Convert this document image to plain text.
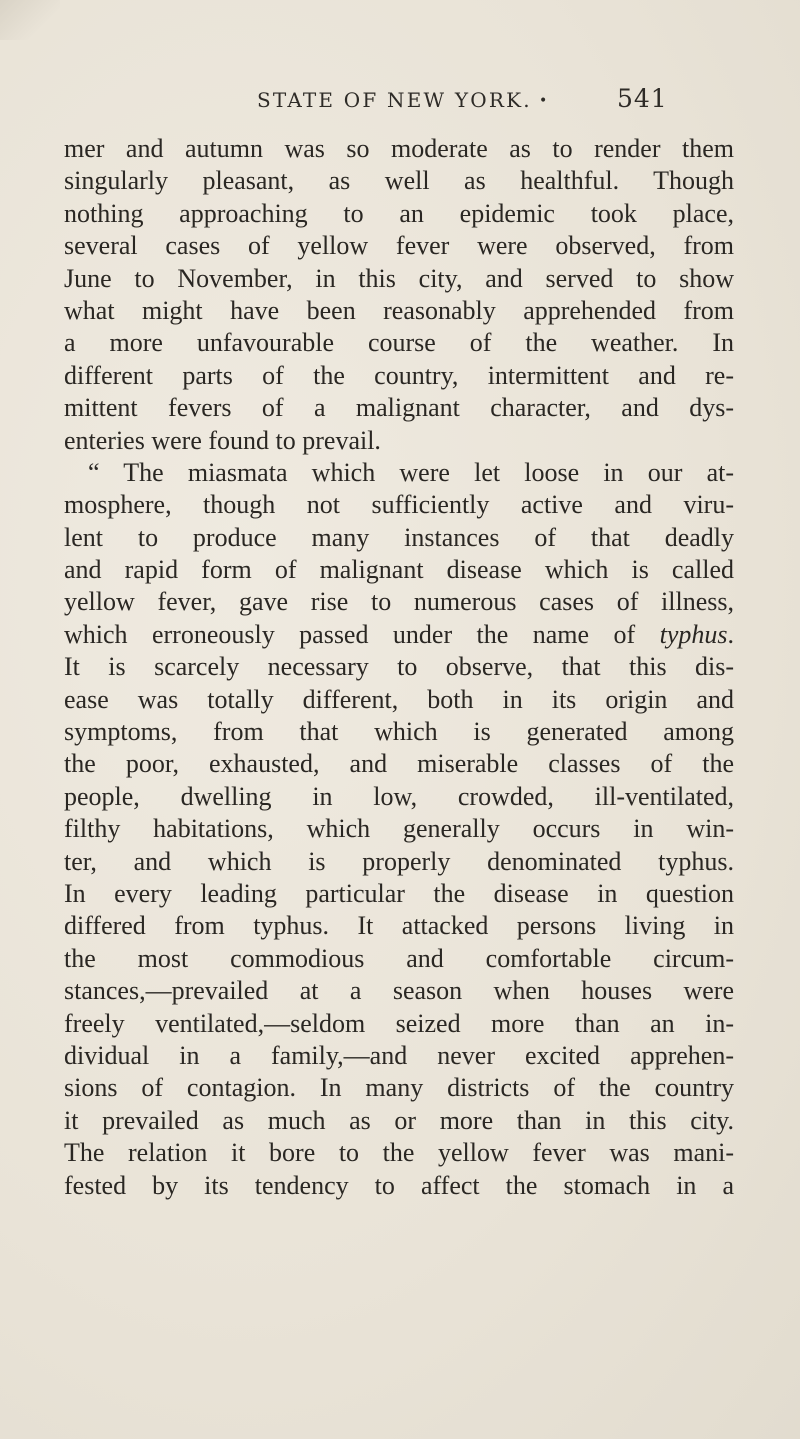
STATE OF NEW YORK. •	541
mer and autumn was so moderate as to render them
singularly pleasant, as well as healthful. Though
nothing approaching to an epidemic took place,
several cases of yellow fever were observed, from
June to November, in this city, and served to show
what might have been reasonably apprehended from
a more unfavourable course of the weather. In
different parts of the country, intermittent and re-
mittent fevers of a malignant character, and dys-
enteries were found to prevail.
“ The miasmata which were let loose in our at-
mosphere, though not sufficiently active and viru-
lent to produce many instances of that deadly
and rapid form of malignant disease which is called
yellow fever, gave rise to numerous cases of illness,
which erroneously passed under the name of typhus.
It is scarcely necessary to observe, that this dis-
ease was totally different, both in its origin and
symptoms, from that which is generated among
the poor, exhausted, and miserable classes of the
people, dwelling in low, crowded, ill-ventilated,
filthy habitations, which generally occurs in win-
ter, and which is properly denominated typhus.
In every leading particular the disease in question
differed from typhus. It attacked persons living in
the most commodious and comfortable circum-
stances,—prevailed at a season when houses were
freely ventilated,—seldom seized more than an in-
dividual in a family,—and never excited apprehen-
sions of contagion. In many districts of the country
it prevailed as much as or more than in this city.
The relation it bore to the yellow fever was mani-
fested by its tendency to affect the stomach in a
